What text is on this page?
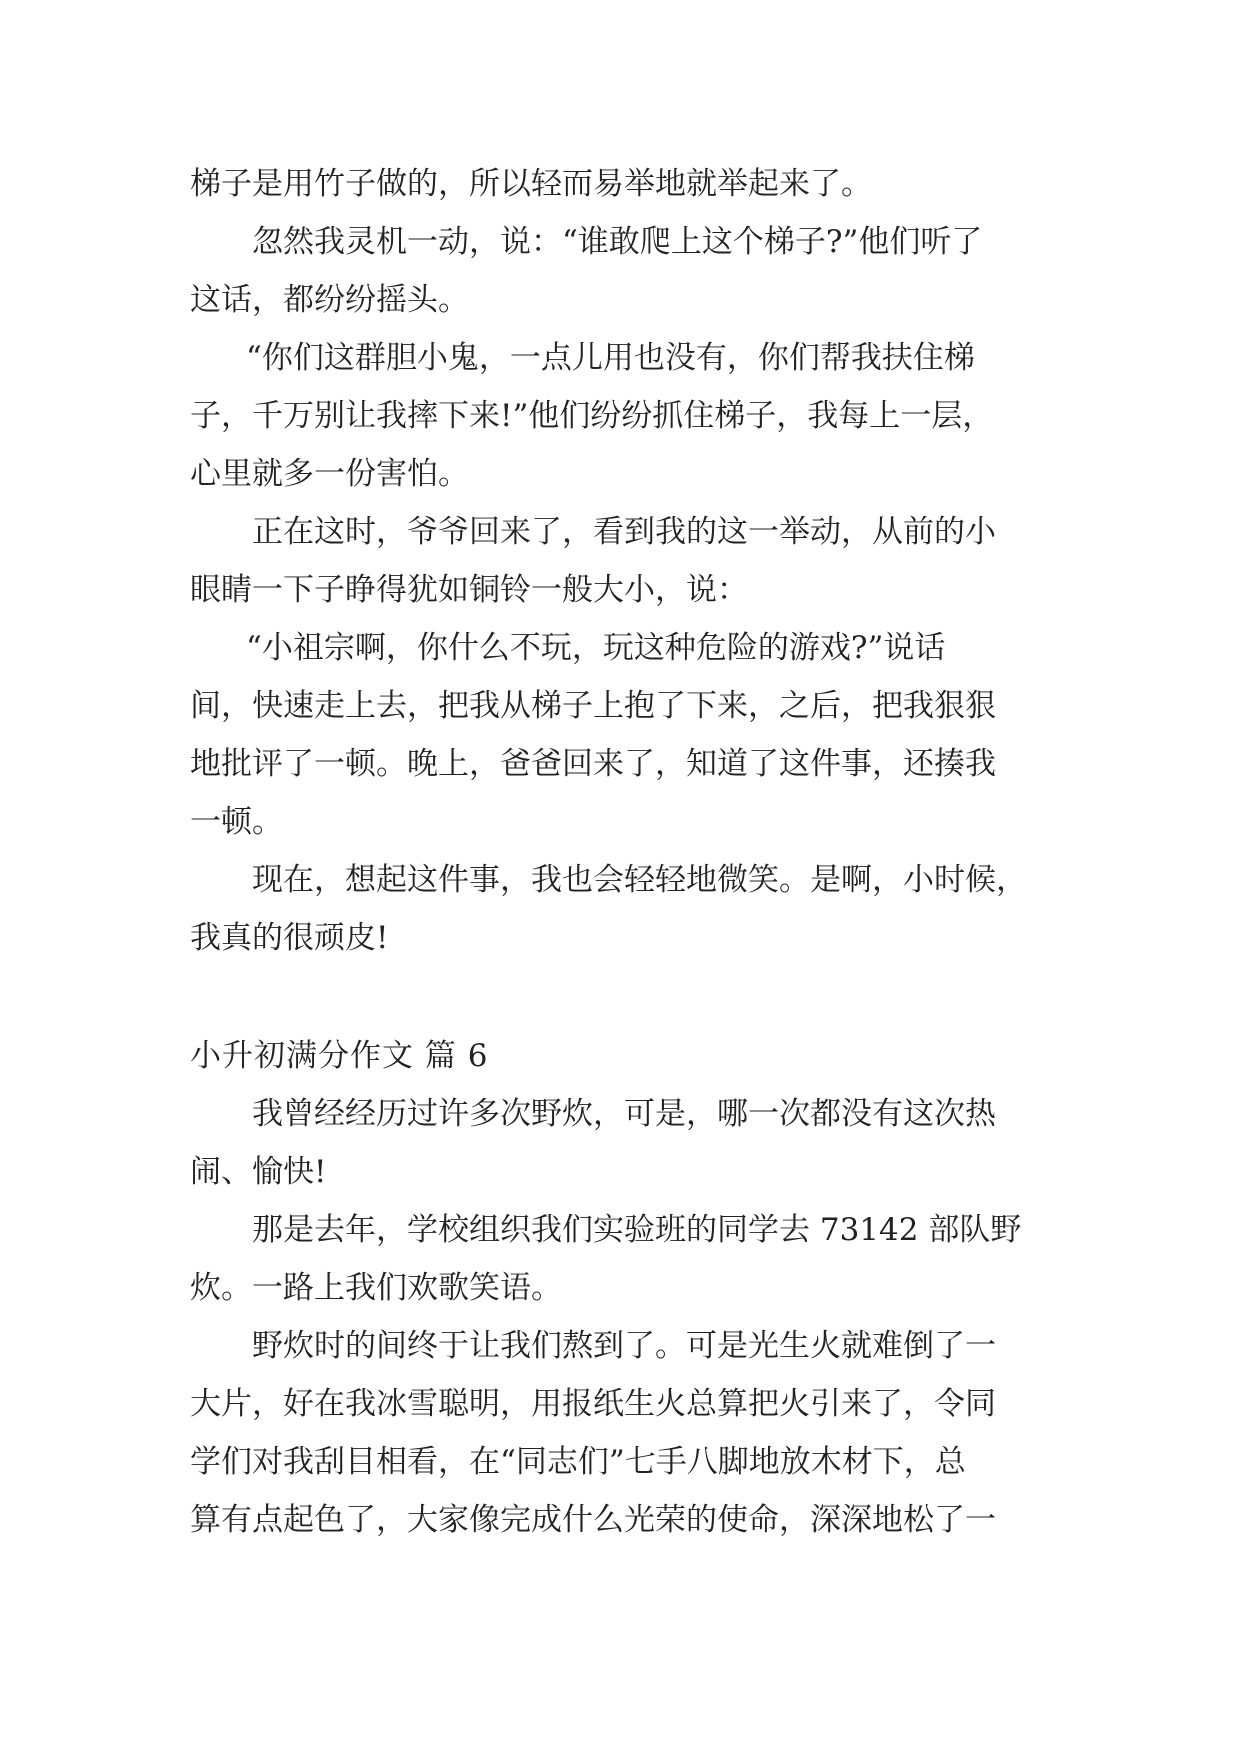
梯子是用竹子做的，所以轻而易举地就举起来了。

忽然我灵机一动，说：“谁敢爬上这个梯子?”他们听了

这话，都纷纷摇头。

“你们这群胆小鬼，一点儿用也没有，你们帮我扶住梯

子，千万别让我摔下来!”他们纷纷抓住梯子，我每上一层，

心里就多一份害怕。

正在这时，爷爷回来了，看到我的这一举动，从前的小

眼睛一下子睁得犹如铜铃一般大小，说：

“小祖宗啊，你什么不玩，玩这种危险的游戏?”说话

间，快速走上去，把我从梯子上抱了下来，之后，把我狠狠

地批评了一顿。晚上，爸爸回来了，知道了这件事，还揍我

一顿。

现在，想起这件事，我也会轻轻地微笑。是啊，小时候，

我真的很顽皮!

小升初满分作文 篇 6

我曾经经历过许多次野炊，可是，哪一次都没有这次热

闹、愉快!

那是去年，学校组织我们实验班的同学去 73142 部队野

炊。一路上我们欢歌笑语。

野炊时的间终于让我们熬到了。可是光生火就难倒了一

大片，好在我冰雪聪明，用报纸生火总算把火引来了，令同

学们对我刮目相看，在“同志们”七手八脚地放木材下，总

算有点起色了，大家像完成什么光荣的使命，深深地松了一
